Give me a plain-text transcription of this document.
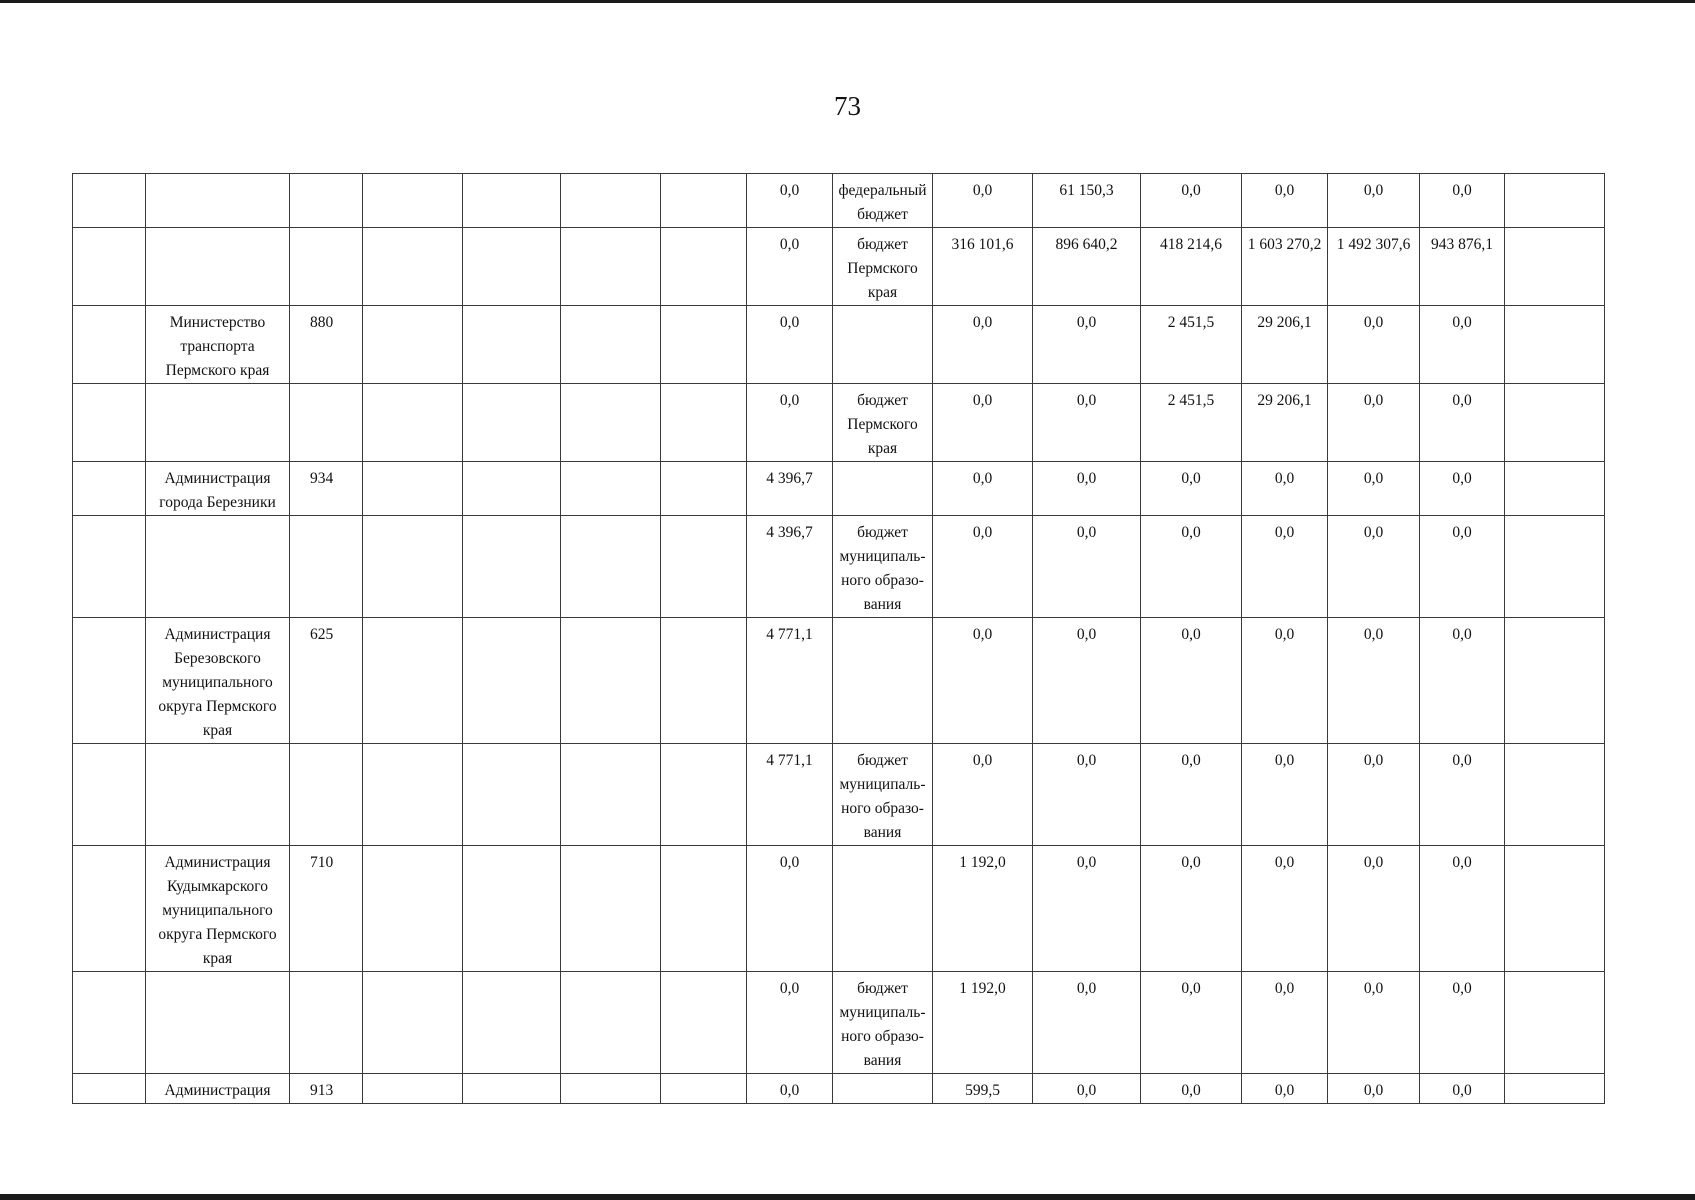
73
							0,0	федеральный бюджет	0,0	61 150,3	0,0	0,0	0,0	0,0	
							0,0	бюджет Пермского края	316 101,6	896 640,2	418 214,6	1 603 270,2	1 492 307,6	943 876,1	
	Министерство транспорта Пермского края	880					0,0		0,0	0,0	2 451,5	29 206,1	0,0	0,0	
							0,0	бюджет Пермского края	0,0	0,0	2 451,5	29 206,1	0,0	0,0	
	Администрация города Березники	934					4 396,7		0,0	0,0	0,0	0,0	0,0	0,0	
							4 396,7	бюджет муниципаль-ного образо-вания	0,0	0,0	0,0	0,0	0,0	0,0	
	Администрация Березовского муниципального округа Пермского края	625					4 771,1		0,0	0,0	0,0	0,0	0,0	0,0	
							4 771,1	бюджет муниципаль-ного образо-вания	0,0	0,0	0,0	0,0	0,0	0,0	
	Администрация Кудымкарского муниципального округа Пермского края	710					0,0		1 192,0	0,0	0,0	0,0	0,0	0,0	
							0,0	бюджет муниципаль-ного образо-вания	1 192,0	0,0	0,0	0,0	0,0	0,0	
	Администрация	913					0,0		599,5	0,0	0,0	0,0	0,0	0,0	
